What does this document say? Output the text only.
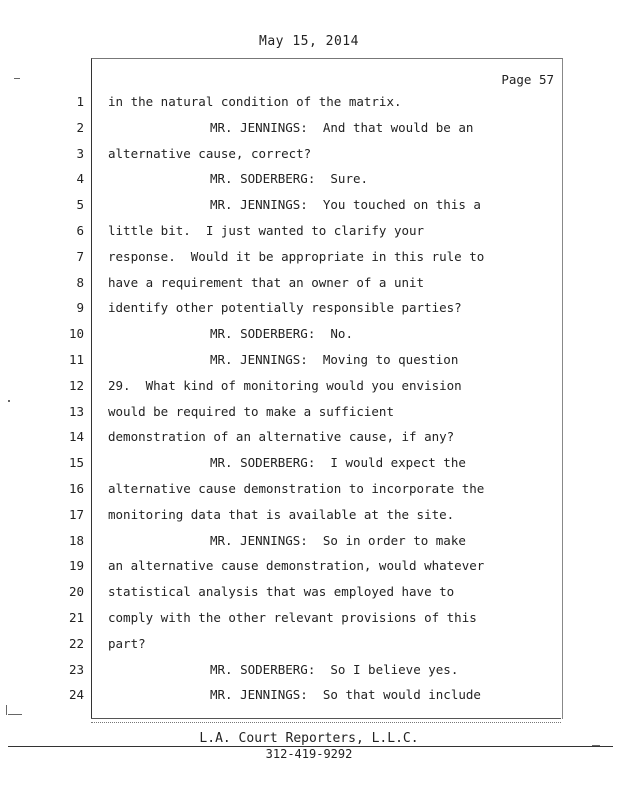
May 15, 2014
Page 57
1 in the natural condition of the matrix.
2	MR. JENNINGS:  And that would be an
3 alternative cause, correct?
4	MR. SODERBERG:  Sure.
5	MR. JENNINGS:  You touched on this a
6 little bit.  I just wanted to clarify your
7 response.  Would it be appropriate in this rule to
8 have a requirement that an owner of a unit
9 identify other potentially responsible parties?
10	MR. SODERBERG:  No.
11	MR. JENNINGS:  Moving to question
12 29.  What kind of monitoring would you envision
13 would be required to make a sufficient
14 demonstration of an alternative cause, if any?
15	MR. SODERBERG:  I would expect the
16 alternative cause demonstration to incorporate the
17 monitoring data that is available at the site.
18	MR. JENNINGS:  So in order to make
19 an alternative cause demonstration, would whatever
20 statistical analysis that was employed have to
21 comply with the other relevant provisions of this
22 part?
23	MR. SODERBERG:  So I believe yes.
24	MR. JENNINGS:  So that would include
L.A. Court Reporters, L.L.C.
312-419-9292
